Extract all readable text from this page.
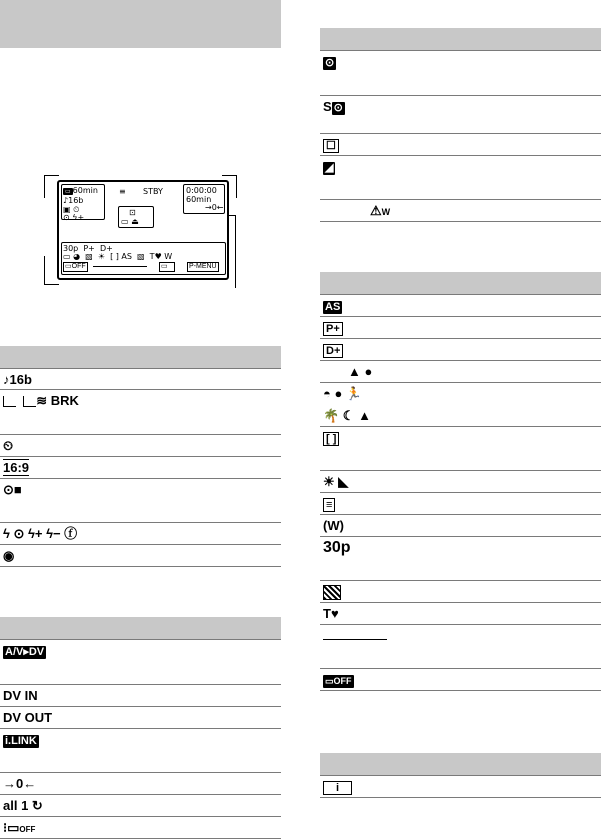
▭ 60min
♪16b
▣ ⏲
⊙ ϟ+
≡ STBY	0:00:00
60min
→0←
⊡
▭ ⏏
30p  P+  D+
▭ ◕  ▧  ☀  [ ] AS  ▧  T♥ W
▭OFF	▭	P-MENU
♪16b
≋ BRK
⏲
16:9
⊙■
ϟ ⊙ ϟ+ ϟ− ⓕ
◉
A/V▸DV
DV IN
DV OUT
i.LINK
→0←
all 1 ↻
⁝▭OFF
⊙
S ⊙
☐
◢
⚠W
AS
P+
D+
▲ ●
◓ ● 🏃
🌴 ☾ ▲
[ ]
☀ ◣
≡
(W)
30p
T♥
▭OFF
i
